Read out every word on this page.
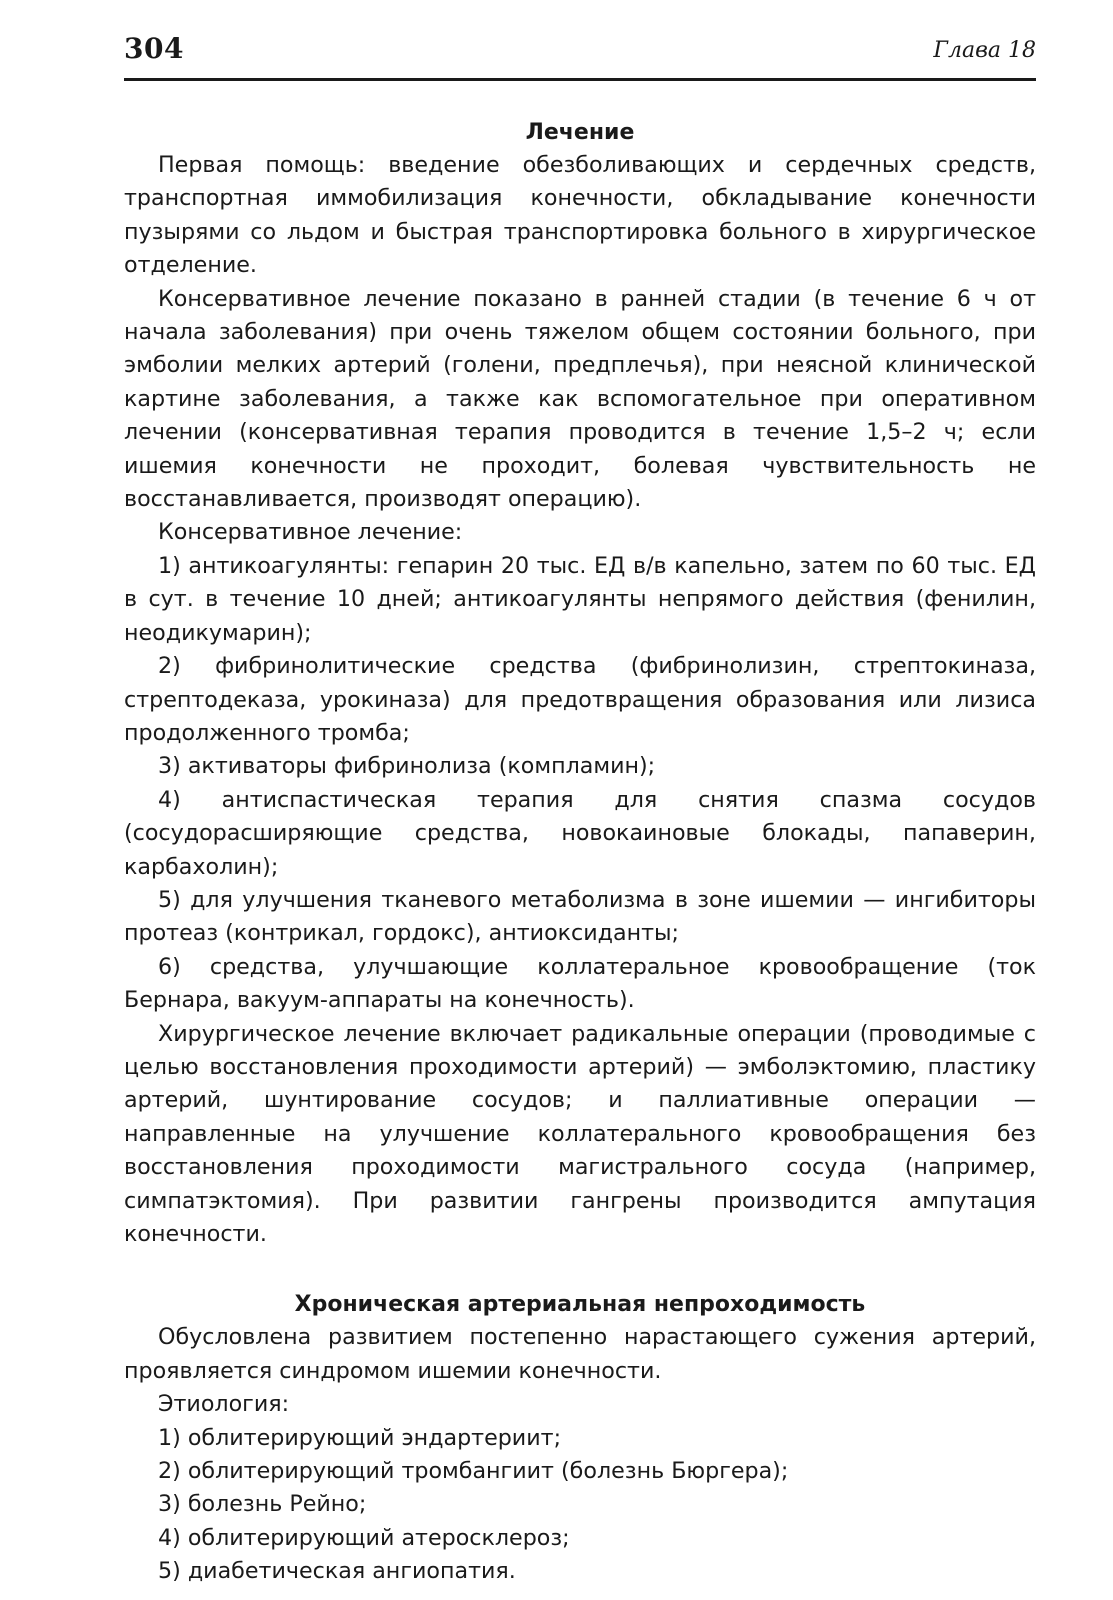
304	Глава 18
Лечение

Первая помощь: введение обезболивающих и сердечных средств, транспортная иммобилизация конечности, обкладывание конечности пузырями со льдом и быстрая транспортировка больного в хирургическое отделение.

Консервативное лечение показано в ранней стадии (в течение 6 ч от начала заболевания) при очень тяжелом общем состоянии больного, при эмболии мелких артерий (голени, предплечья), при неясной клинической картине заболевания, а также как вспомогательное при оперативном лечении (консервативная терапия проводится в течение 1,5–2 ч; если ишемия конечности не проходит, болевая чувствительность не восстанавливается, производят операцию).

Консервативное лечение:

1) антикоагулянты: гепарин 20 тыс. ЕД в/в капельно, затем по 60 тыс. ЕД в сут. в течение 10 дней; антикоагулянты непрямого действия (фенилин, неодикумарин);

2) фибринолитические средства (фибринолизин, стрептокиназа, стрептодеказа, урокиназа) для предотвращения образования или лизиса продолженного тромба;

3) активаторы фибринолиза (компламин);

4) антиспастическая терапия для снятия спазма сосудов (сосудорасширяющие средства, новокаиновые блокады, папаверин, карбахолин);

5) для улучшения тканевого метаболизма в зоне ишемии — ингибиторы протеаз (контрикал, гордокс), антиоксиданты;

6) средства, улучшающие коллатеральное кровообращение (ток Бернара, вакуум-аппараты на конечность).

Хирургическое лечение включает радикальные операции (проводимые с целью восстановления проходимости артерий) — эмболэктомию, пластику артерий, шунтирование сосудов; и паллиативные операции — направленные на улучшение коллатерального кровообращения без восстановления проходимости магистрального сосуда (например, симпатэктомия). При развитии гангрены производится ампутация конечности.

Хроническая артериальная непроходимость

Обусловлена развитием постепенно нарастающего сужения артерий, проявляется синдромом ишемии конечности.

Этиология:

1) облитерирующий эндартериит;

2) облитерирующий тромбангиит (болезнь Бюргера);

3) болезнь Рейно;

4) облитерирующий атеросклероз;

5) диабетическая ангиопатия.
